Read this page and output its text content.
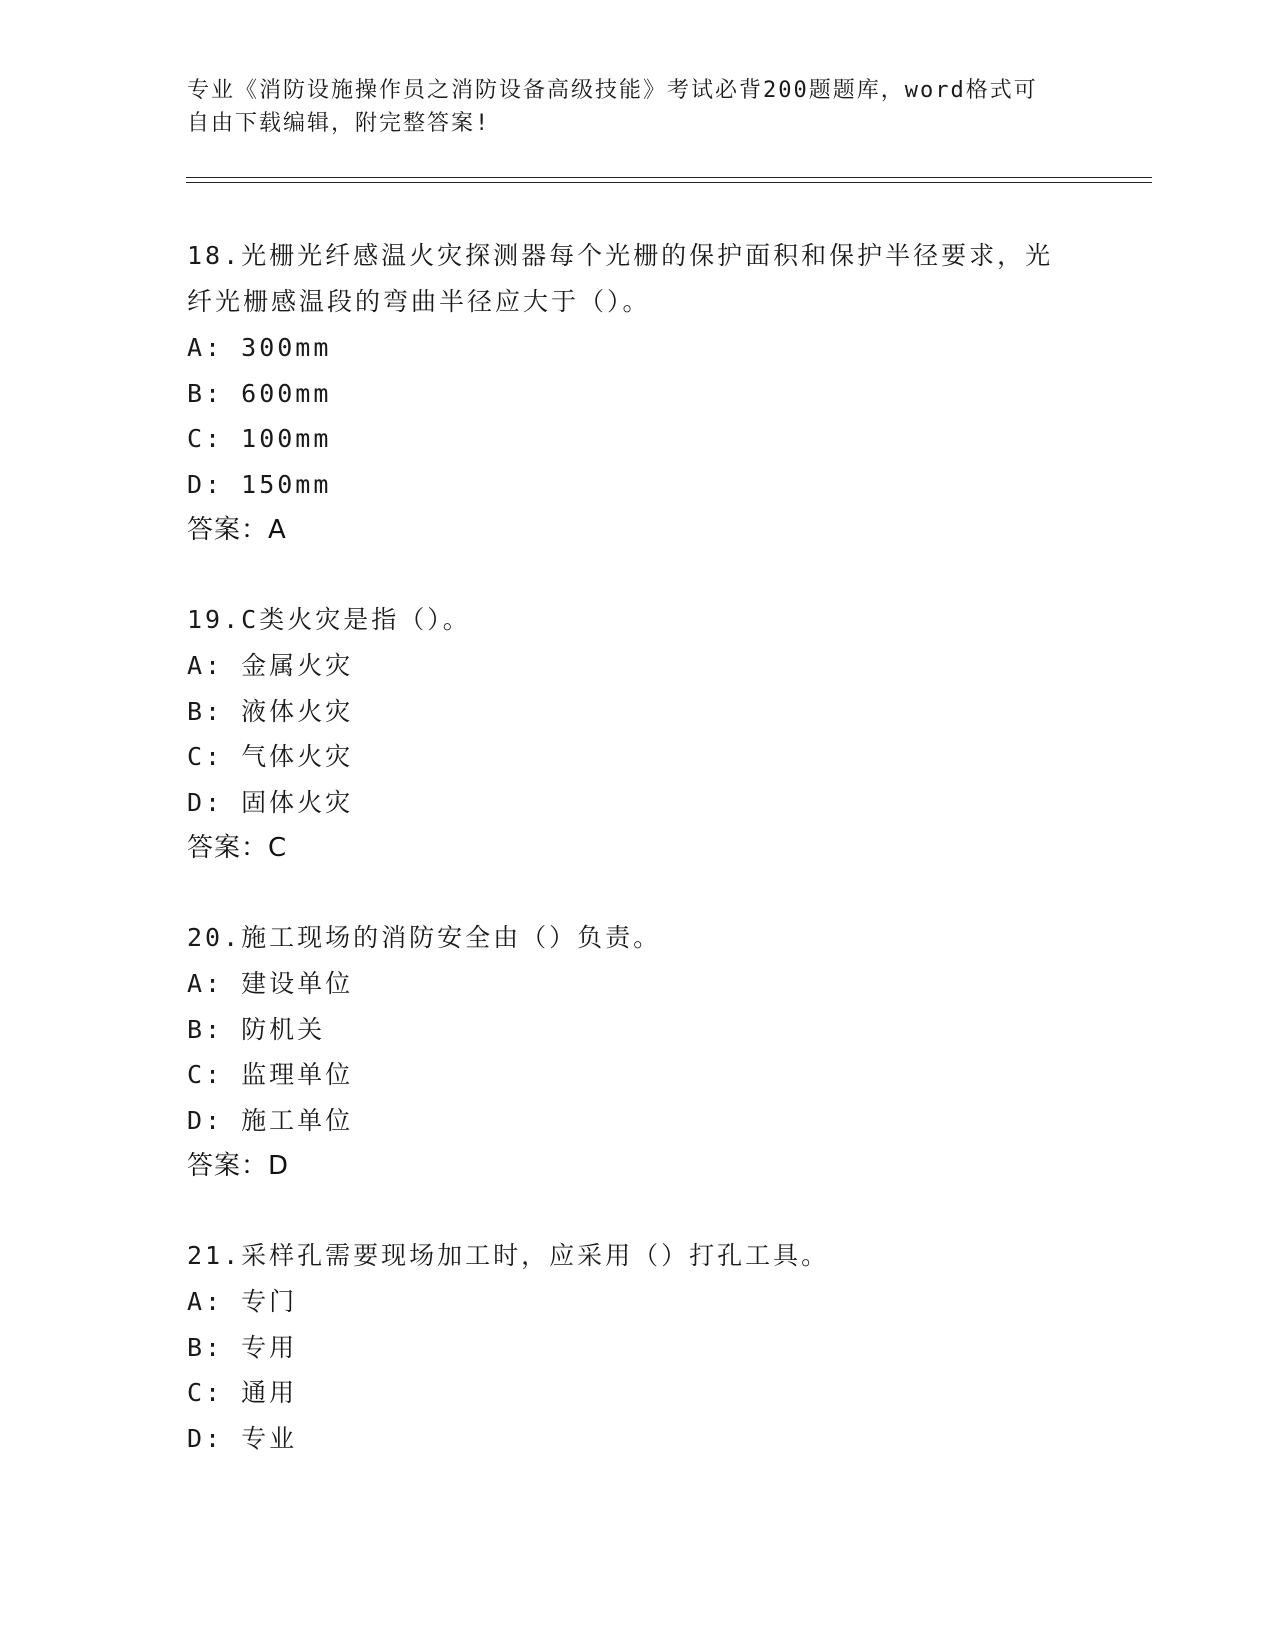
专业《消防设施操作员之消防设备高级技能》考试必背200题题库，word格式可
自由下载编辑，附完整答案!
18.光栅光纤感温火灾探测器每个光栅的保护面积和保护半径要求，光
纤光栅感温段的弯曲半径应大于（）。
A: 300mm
B: 600mm
C: 100mm
D: 150mm
答案：A
19.C类火灾是指（）。
A: 金属火灾
B: 液体火灾
C: 气体火灾
D: 固体火灾
答案：C
20.施工现场的消防安全由（）负责。
A: 建设单位
B: 防机关
C: 监理单位
D: 施工单位
答案：D
21.采样孔需要现场加工时，应采用（）打孔工具。
A: 专门
B: 专用
C: 通用
D: 专业
